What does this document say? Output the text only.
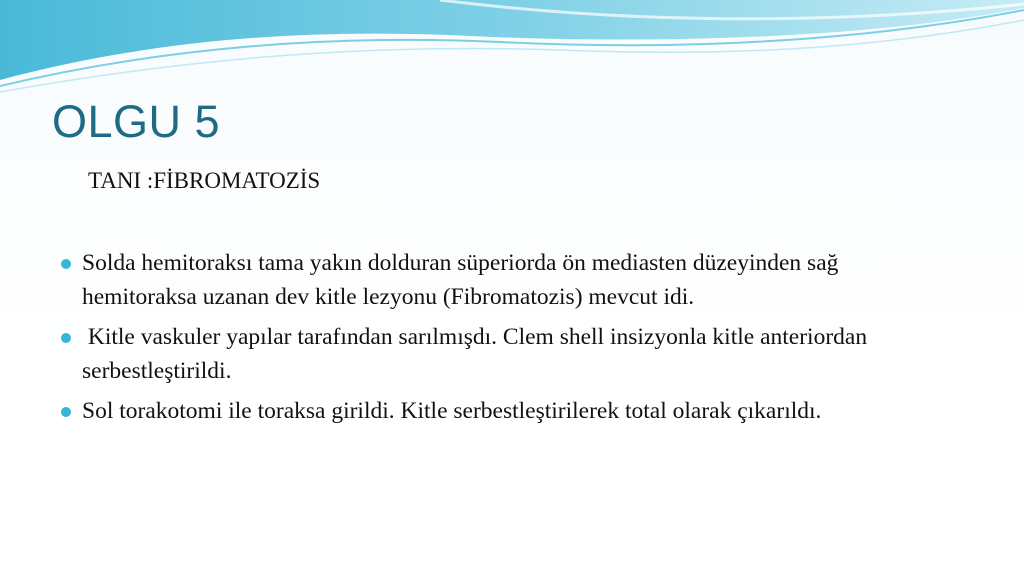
OLGU 5

TANI :FİBROMATOZİS

Solda hemitoraksı tama yakın dolduran süperiorda ön mediasten düzeyinden sağ hemitoraksa uzanan dev kitle lezyonu (Fibromatozis) mevcut idi.
Kitle vaskuler yapılar tarafından sarılmışdı. Clem shell insizyonla kitle anteriordan serbestleştirildi.
Sol torakotomi ile toraksa girildi. Kitle serbestleştirilerek total olarak çıkarıldı.
